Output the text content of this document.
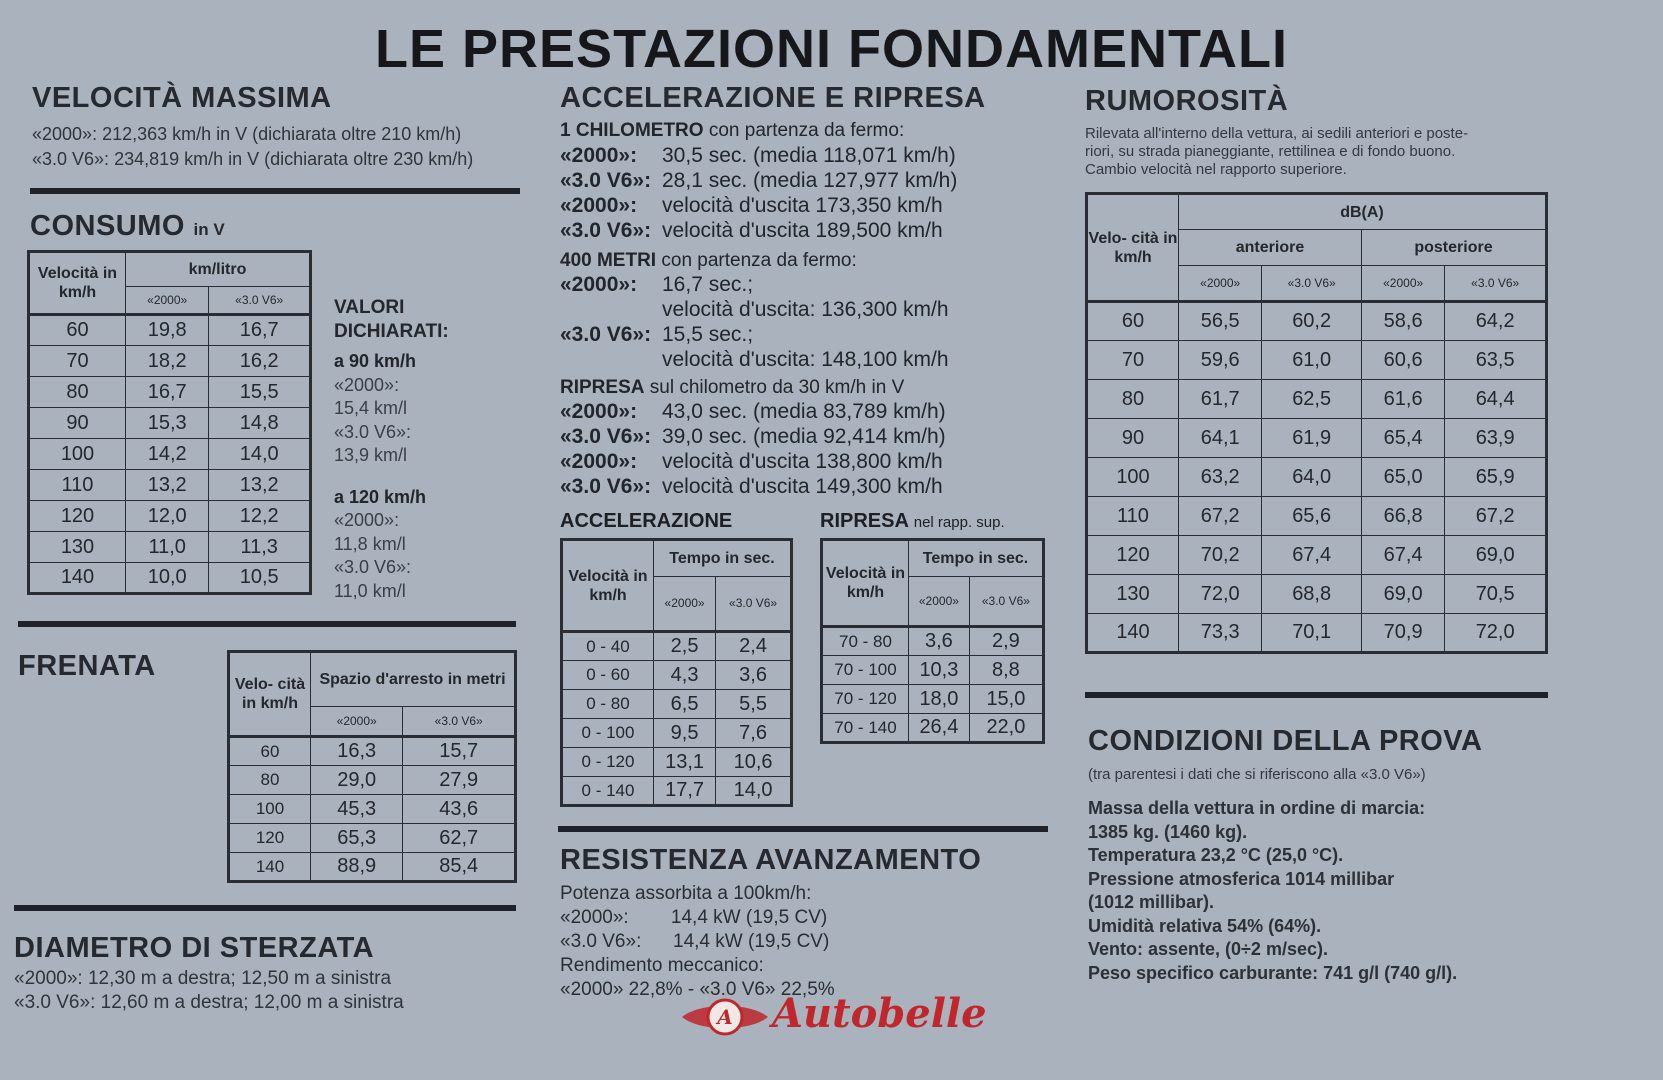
LE PRESTAZIONI FONDAMENTALI
VELOCITÀ MASSIMA
«2000»: 212,363 km/h in V (dichiarata oltre 210 km/h)
«3.0 V6»: 234,819 km/h in V (dichiarata oltre 230 km/h)
CONSUMO in V
Velocità in km/h	km/litro	
	«2000»	«3.0 V6»
60	19,8	16,7
70	18,2	16,2
80	16,7	15,5
90	15,3	14,8
100	14,2	14,0
110	13,2	13,2
120	12,0	12,2
130	11,0	11,3
140	10,0	10,5
VALORI
DICHIARATI:
a 90 km/h
«2000»:
15,4 km/l
«3.0 V6»:
13,9 km/l
a 120 km/h
«2000»:
11,8 km/l
«3.0 V6»:
11,0 km/l
FRENATA
Velo- cità in km/h	Spazio d'arresto in metri	
	«2000»	«3.0 V6»
60	16,3	15,7
80	29,0	27,9
100	45,3	43,6
120	65,3	62,7
140	88,9	85,4
DIAMETRO DI STERZATA
«2000»: 12,30 m a destra; 12,50 m a sinistra
«3.0 V6»: 12,60 m a destra; 12,00 m a sinistra
ACCELERAZIONE E RIPRESA
1 CHILOMETRO con partenza da fermo:
«2000»: 30,5 sec. (media 118,071 km/h)
«3.0 V6»: 28,1 sec. (media 127,977 km/h)
«2000»: velocità d'uscita 173,350 km/h
«3.0 V6»: velocità d'uscita 189,500 km/h
400 METRI con partenza da fermo:
«2000»: 16,7 sec.;
velocità d'uscita: 136,300 km/h
«3.0 V6»: 15,5 sec.;
velocità d'uscita: 148,100 km/h
RIPRESA sul chilometro da 30 km/h in V
«2000»: 43,0 sec. (media 83,789 km/h)
«3.0 V6»: 39,0 sec. (media 92,414 km/h)
«2000»: velocità d'uscita 138,800 km/h
«3.0 V6»: velocità d'uscita 149,300 km/h
ACCELERAZIONE	RIPRESA nel rapp. sup.
Velocità in km/h	Tempo in sec.	
	«2000»	«3.0 V6»
0 - 40	2,5	2,4
0 - 60	4,3	3,6
0 - 80	6,5	5,5
0 - 100	9,5	7,6
0 - 120	13,1	10,6
0 - 140	17,7	14,0
Velocità in km/h	Tempo in sec.	
	«2000»	«3.0 V6»
70 - 80	3,6	2,9
70 - 100	10,3	8,8
70 - 120	18,0	15,0
70 - 140	26,4	22,0
RESISTENZA AVANZAMENTO
Potenza assorbita a 100km/h:
«2000»:        14,4 kW (19,5 CV)
«3.0 V6»:      14,4 kW (19,5 CV)
Rendimento meccanico:
«2000» 22,8% - «3.0 V6» 22,5%
RUMOROSITÀ
Rilevata all'interno della vettura, ai sedili anteriori e poste-
riori, su strada pianeggiante, rettilinea e di fondo buono.
Cambio velocità nel rapporto superiore.
Velo- cità in km/h	dB(A)			
	anteriore		posteriore	
	«2000»	«3.0 V6»	«2000»	«3.0 V6»
60	56,5	60,2	58,6	64,2
70	59,6	61,0	60,6	63,5
80	61,7	62,5	61,6	64,4
90	64,1	61,9	65,4	63,9
100	63,2	64,0	65,0	65,9
110	67,2	65,6	66,8	67,2
120	70,2	67,4	67,4	69,0
130	72,0	68,8	69,0	70,5
140	73,3	70,1	70,9	72,0
CONDIZIONI DELLA PROVA
(tra parentesi i dati che si riferiscono alla «3.0 V6»)
Massa della vettura in ordine di marcia:
1385 kg. (1460 kg).
Temperatura 23,2 °C (25,0 °C).
Pressione atmosferica 1014 millibar
(1012 millibar).
Umidità relativa 54% (64%).
Vento: assente, (0÷2 m/sec).
Peso specifico carburante: 741 g/l (740 g/l).
A Autobelle
